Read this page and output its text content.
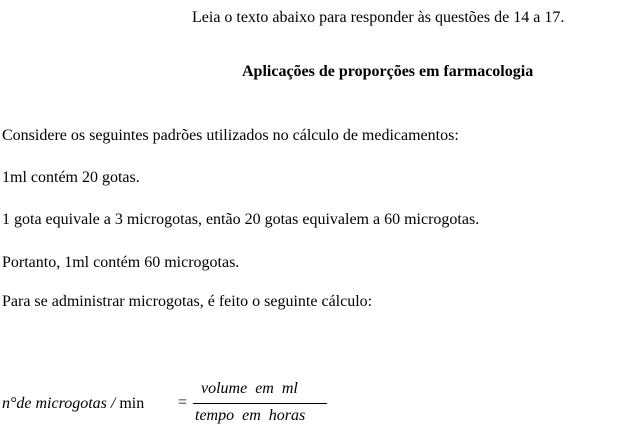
Leia o texto abaixo para responder às questões de 14 a 17.
Aplicações de proporções em farmacologia
Considere os seguintes padrões utilizados no cálculo de medicamentos:
1ml contém 20 gotas.
1 gota equivale a 3 microgotas, então 20 gotas equivalem a 60 microgotas.
Portanto, 1ml contém 60 microgotas.
Para se administrar microgotas, é feito o seguinte cálculo:
n°de microgotas / min =
volume em ml
tempo em horas
